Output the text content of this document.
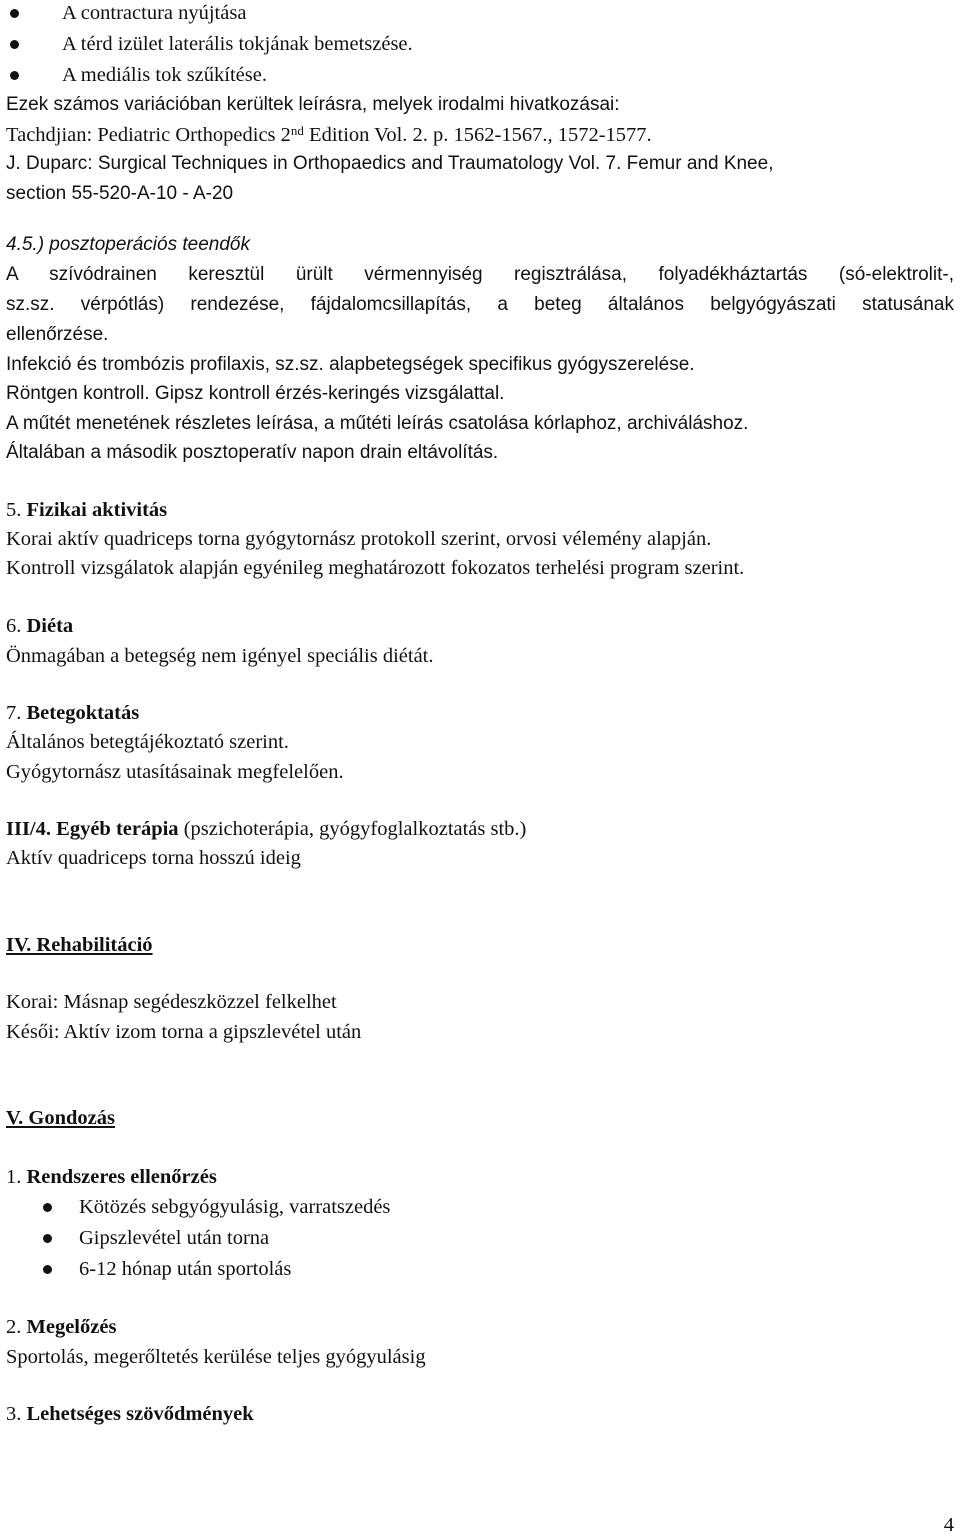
A contractura nyújtása
A térd izület laterális tokjának bemetszése.
A mediális tok szűkítése.
Ezek számos variációban kerültek leírásra, melyek irodalmi hivatkozásai:
Tachdjian: Pediatric Orthopedics 2nd Edition Vol. 2. p. 1562-1567., 1572-1577.
J. Duparc: Surgical Techniques in Orthopaedics and Traumatology Vol. 7. Femur and Knee,
section 55-520-A-10 - A-20
4.5.) posztoperációs teendők
A szívódrainen keresztül ürült vérmennyiség regisztrálása, folyadékháztartás (só-elektrolit-,
sz.sz. vérpótlás) rendezése, fájdalomcsillapítás, a beteg általános belgyógyászati statusának
ellenőrzése.
Infekció és trombózis profilaxis, sz.sz. alapbetegségek specifikus gyógyszerelése.
Röntgen kontroll. Gipsz kontroll érzés-keringés vizsgálattal.
A műtét menetének részletes leírása, a műtéti leírás csatolása kórlaphoz, archiváláshoz.
Általában a második posztoperatív napon drain eltávolítás.
5. Fizikai aktivitás
Korai aktív quadriceps torna gyógytornász protokoll szerint, orvosi vélemény alapján.
Kontroll vizsgálatok alapján egyénileg meghatározott fokozatos terhelési program szerint.
6. Diéta
Önmagában a betegség nem igényel speciális diétát.
7. Betegoktatás
Általános betegtájékoztató szerint.
Gyógytornász utasításainak megfelelően.
III/4. Egyéb terápia (pszichoterápia, gyógyfoglalkoztatás stb.)
Aktív quadriceps torna hosszú ideig
IV. Rehabilitáció
Korai: Másnap segédeszközzel felkelhet
Késői: Aktív izom torna a gipszlevétel után
V. Gondozás
1. Rendszeres ellenőrzés
Kötözés sebgyógyulásig, varratszedés
Gipszlevétel után torna
6-12 hónap után sportolás
2. Megelőzés
Sportolás, megerőltetés kerülése teljes gyógyulásig
3. Lehetséges szövődmények
4
